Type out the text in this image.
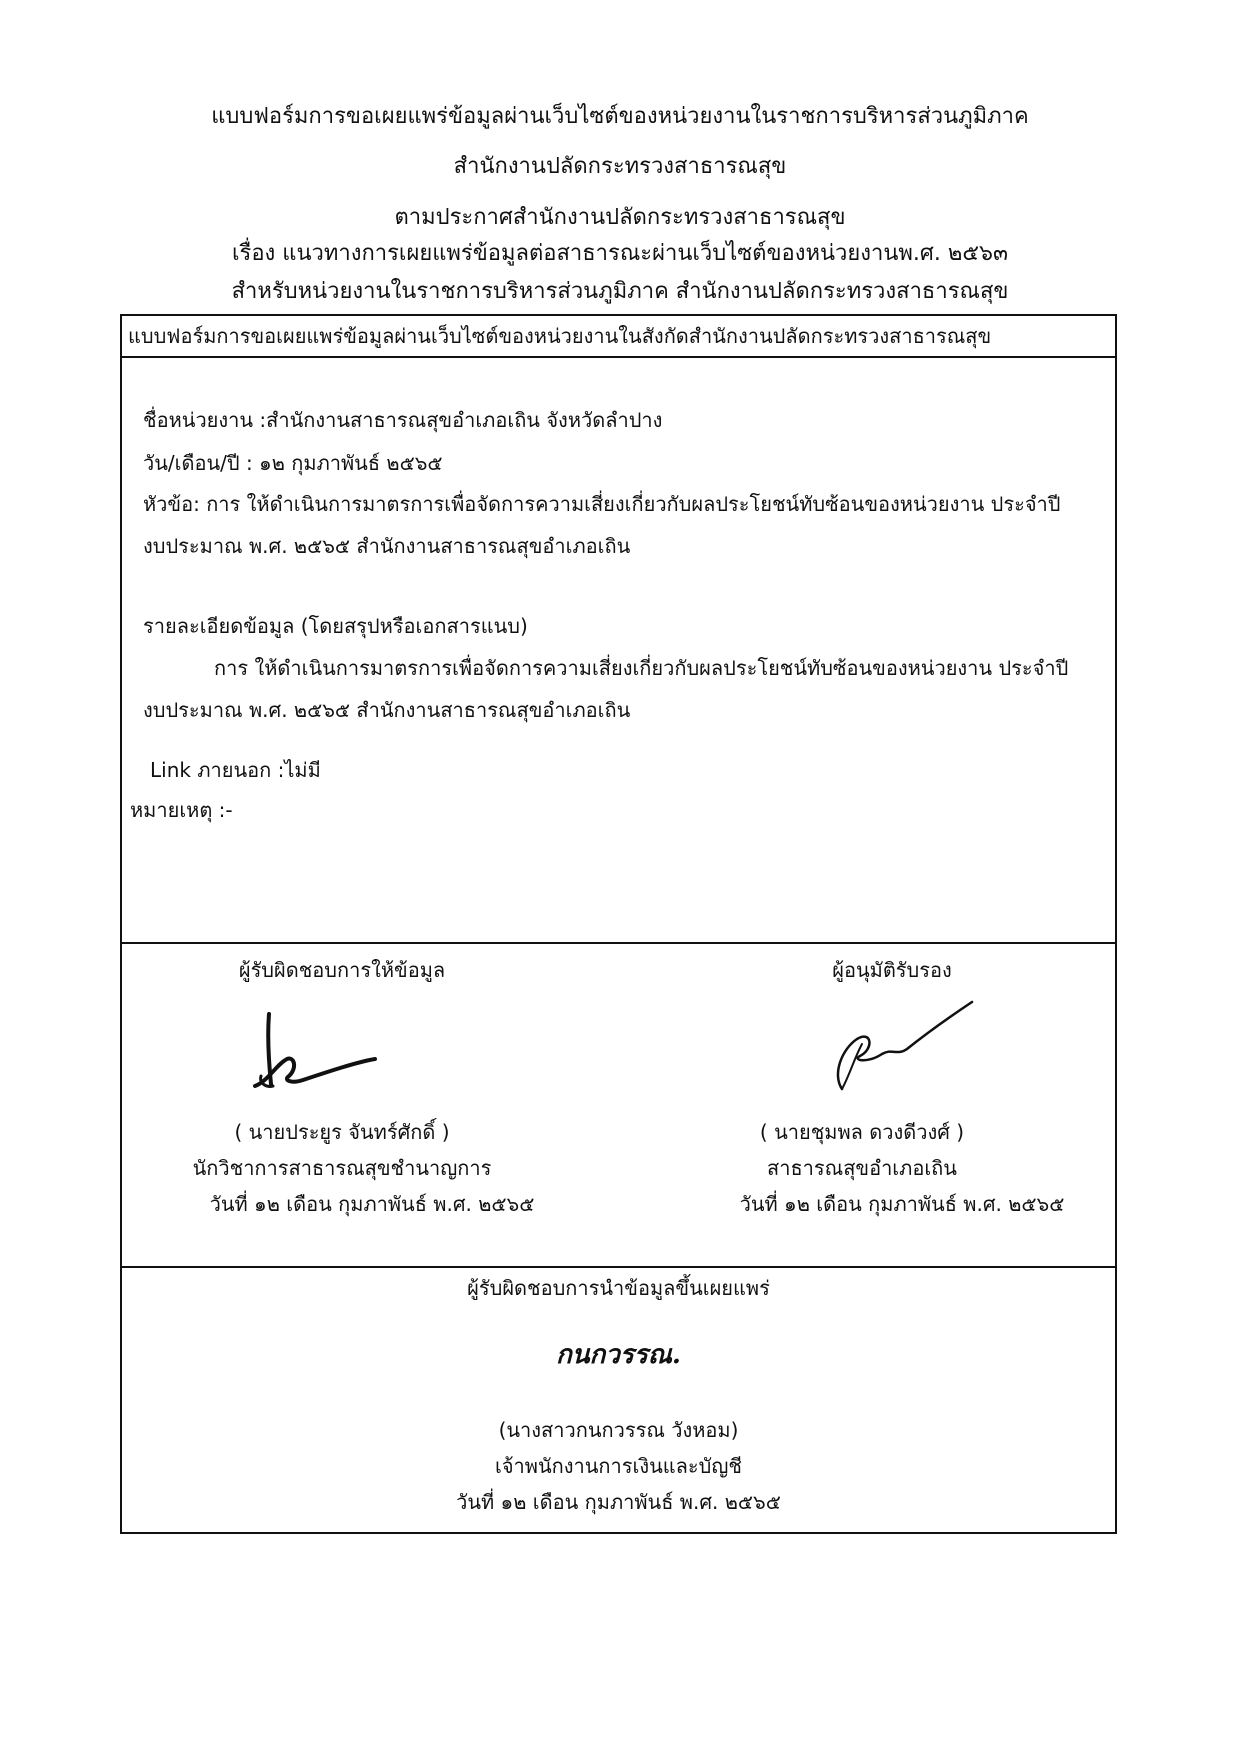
แบบฟอร์มการขอเผยแพร่ข้อมูลผ่านเว็บไซต์ของหน่วยงานในราชการบริหารส่วนภูมิภาค
สำนักงานปลัดกระทรวงสาธารณสุข
ตามประกาศสำนักงานปลัดกระทรวงสาธารณสุข
เรื่อง แนวทางการเผยแพร่ข้อมูลต่อสาธารณะผ่านเว็บไซต์ของหน่วยงานพ.ศ. ๒๕๖๓
สำหรับหน่วยงานในราชการบริหารส่วนภูมิภาค สำนักงานปลัดกระทรวงสาธารณสุข
แบบฟอร์มการขอเผยแพร่ข้อมูลผ่านเว็บไซต์ของหน่วยงานในสังกัดสำนักงานปลัดกระทรวงสาธารณสุข
ชื่อหน่วยงาน :สำนักงานสาธารณสุขอำเภอเถิน จังหวัดลำปาง
วัน/เดือน/ปี : ๑๒ กุมภาพันธ์ ๒๕๖๕
หัวข้อ: การ ให้ดำเนินการมาตรการเพื่อจัดการความเสี่ยงเกี่ยวกับผลประโยชน์ทับซ้อนของหน่วยงาน ประจำปี
งบประมาณ พ.ศ. ๒๕๖๕ สำนักงานสาธารณสุขอำเภอเถิน
รายละเอียดข้อมูล (โดยสรุปหรือเอกสารแนบ)
การ ให้ดำเนินการมาตรการเพื่อจัดการความเสี่ยงเกี่ยวกับผลประโยชน์ทับซ้อนของหน่วยงาน ประจำปี
งบประมาณ พ.ศ. ๒๕๖๕ สำนักงานสาธารณสุขอำเภอเถิน
Link ภายนอก :ไม่มี
หมายเหตุ :-
ผู้รับผิดชอบการให้ข้อมูล
( นายประยูร จันทร์ศักดิ์ )
นักวิชาการสาธารณสุขชำนาญการ
วันที่ ๑๒ เดือน กุมภาพันธ์ พ.ศ. ๒๕๖๕
ผู้อนุมัติรับรอง
( นายชุมพล ดวงดีวงศ์ )
สาธารณสุขอำเภอเถิน
วันที่ ๑๒ เดือน กุมภาพันธ์ พ.ศ. ๒๕๖๕
ผู้รับผิดชอบการนำข้อมูลขึ้นเผยแพร่
กนกวรรณ.
(นางสาวกนกวรรณ วังหอม)
เจ้าพนักงานการเงินและบัญชี
วันที่ ๑๒ เดือน กุมภาพันธ์ พ.ศ. ๒๕๖๕
